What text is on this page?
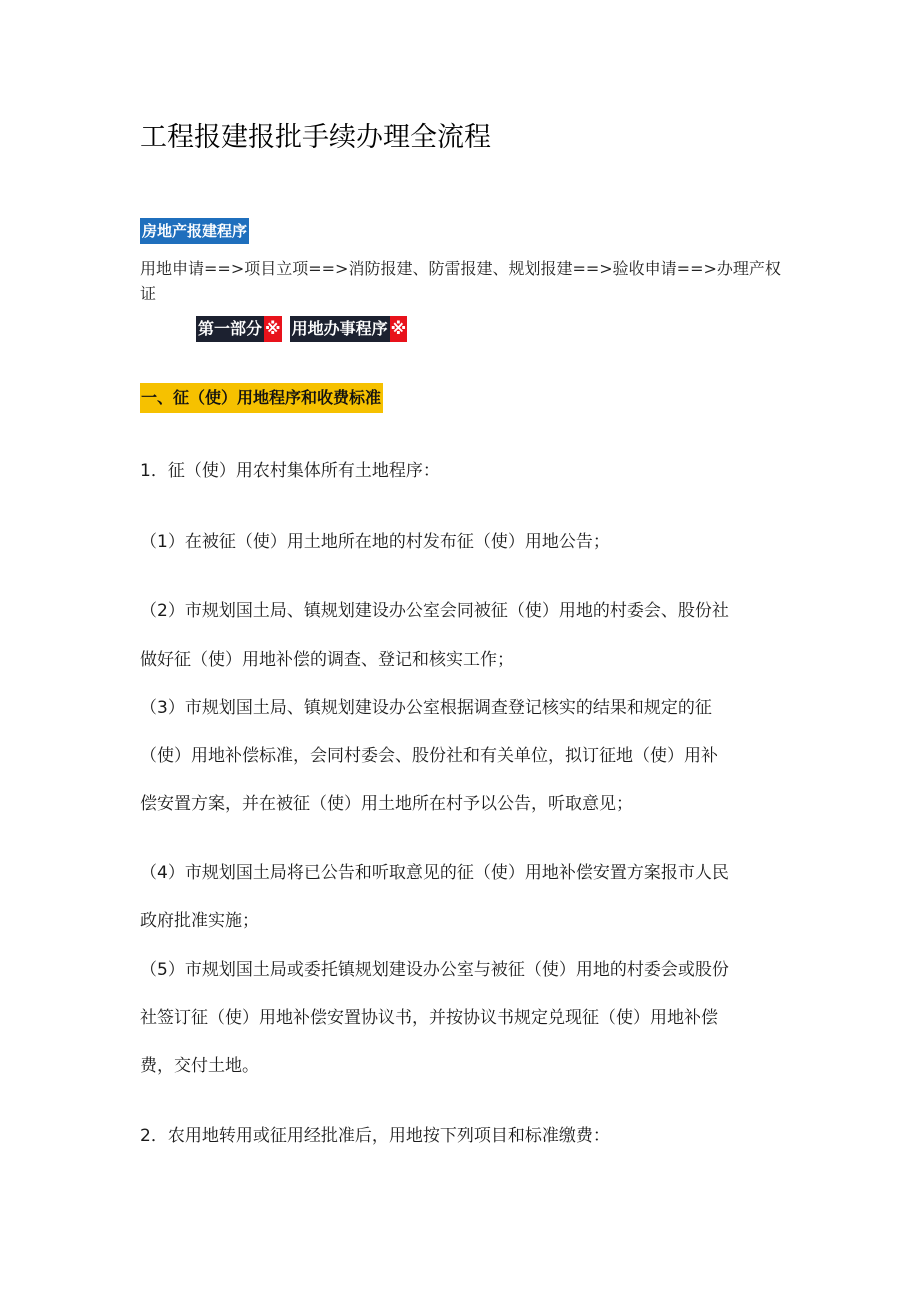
工程报建报批手续办理全流程
房地产报建程序
用地申请==>项目立项==>消防报建、防雷报建、规划报建==>验收申请==>办理产权证
第一部分 ※ 用地办事程序 ※
一、征（使）用地程序和收费标准
1．征（使）用农村集体所有土地程序：
（1）在被征（使）用土地所在地的村发布征（使）用地公告；
（2）市规划国土局、镇规划建设办公室会同被征（使）用地的村委会、股份社
做好征（使）用地补偿的调查、登记和核实工作；
（3）市规划国土局、镇规划建设办公室根据调查登记核实的结果和规定的征
（使）用地补偿标准，会同村委会、股份社和有关单位，拟订征地（使）用补
偿安置方案，并在被征（使）用土地所在村予以公告，听取意见；
（4）市规划国土局将已公告和听取意见的征（使）用地补偿安置方案报市人民
政府批准实施；
（5）市规划国土局或委托镇规划建设办公室与被征（使）用地的村委会或股份
社签订征（使）用地补偿安置协议书，并按协议书规定兑现征（使）用地补偿
费，交付土地。
2．农用地转用或征用经批准后，用地按下列项目和标准缴费：
